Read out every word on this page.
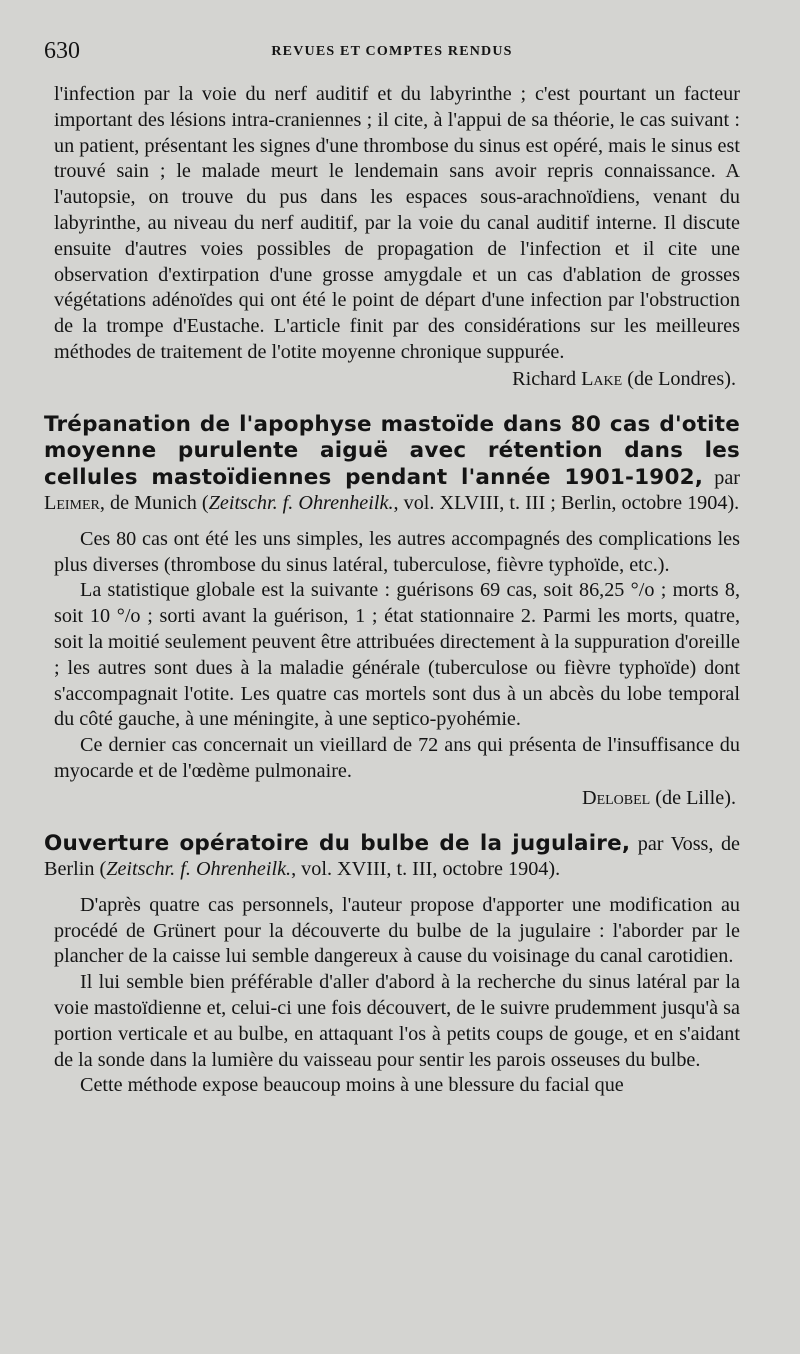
630	REVUES ET COMPTES RENDUS

l'infection par la voie du nerf auditif et du labyrinthe ; c'est pourtant un facteur important des lésions intra-craniennes ; il cite, à l'appui de sa théorie, le cas suivant : un patient, présentant les signes d'une thrombose du sinus est opéré, mais le sinus est trouvé sain ; le malade meurt le lendemain sans avoir repris connaissance. A l'autopsie, on trouve du pus dans les espaces sous-arachnoïdiens, venant du labyrinthe, au niveau du nerf auditif, par la voie du canal auditif interne. Il discute ensuite d'autres voies possibles de propagation de l'infection et il cite une observation d'extirpation d'une grosse amygdale et un cas d'ablation de grosses végétations adénoïdes qui ont été le point de départ d'une infection par l'obstruction de la trompe d'Eustache. L'article finit par des considérations sur les meilleures méthodes de traitement de l'otite moyenne chronique suppurée.

Richard Lake (de Londres).
Trépanation de l'apophyse mastoïde dans 80 cas d'otite moyenne purulente aiguë avec rétention dans les cellules mastoïdiennes pendant l'année 1901-1902, par Leimer, de Munich (Zeitschr. f. Ohrenheilk., vol. XLVIII, t. III ; Berlin, octobre 1904).

Ces 80 cas ont été les uns simples, les autres accompagnés des complications les plus diverses (thrombose du sinus latéral, tuberculose, fièvre typhoïde, etc.).

La statistique globale est la suivante : guérisons 69 cas, soit 86,25 °/o ; morts 8, soit 10 °/o ; sorti avant la guérison, 1 ; état stationnaire 2. Parmi les morts, quatre, soit la moitié seulement peuvent être attribuées directement à la suppuration d'oreille ; les autres sont dues à la maladie générale (tuberculose ou fièvre typhoïde) dont s'accompagnait l'otite. Les quatre cas mortels sont dus à un abcès du lobe temporal du côté gauche, à une méningite, à une septico-pyohémie.

Ce dernier cas concernait un vieillard de 72 ans qui présenta de l'insuffisance du myocarde et de l'œdème pulmonaire.

Delobel (de Lille).
Ouverture opératoire du bulbe de la jugulaire, par Voss, de Berlin (Zeitschr. f. Ohrenheilk., vol. XVIII, t. III, octobre 1904).

D'après quatre cas personnels, l'auteur propose d'apporter une modification au procédé de Grünert pour la découverte du bulbe de la jugulaire : l'aborder par le plancher de la caisse lui semble dangereux à cause du voisinage du canal carotidien.

Il lui semble bien préférable d'aller d'abord à la recherche du sinus latéral par la voie mastoïdienne et, celui-ci une fois découvert, de le suivre prudemment jusqu'à sa portion verticale et au bulbe, en attaquant l'os à petits coups de gouge, et en s'aidant de la sonde dans la lumière du vaisseau pour sentir les parois osseuses du bulbe.

Cette méthode expose beaucoup moins à une blessure du facial que
